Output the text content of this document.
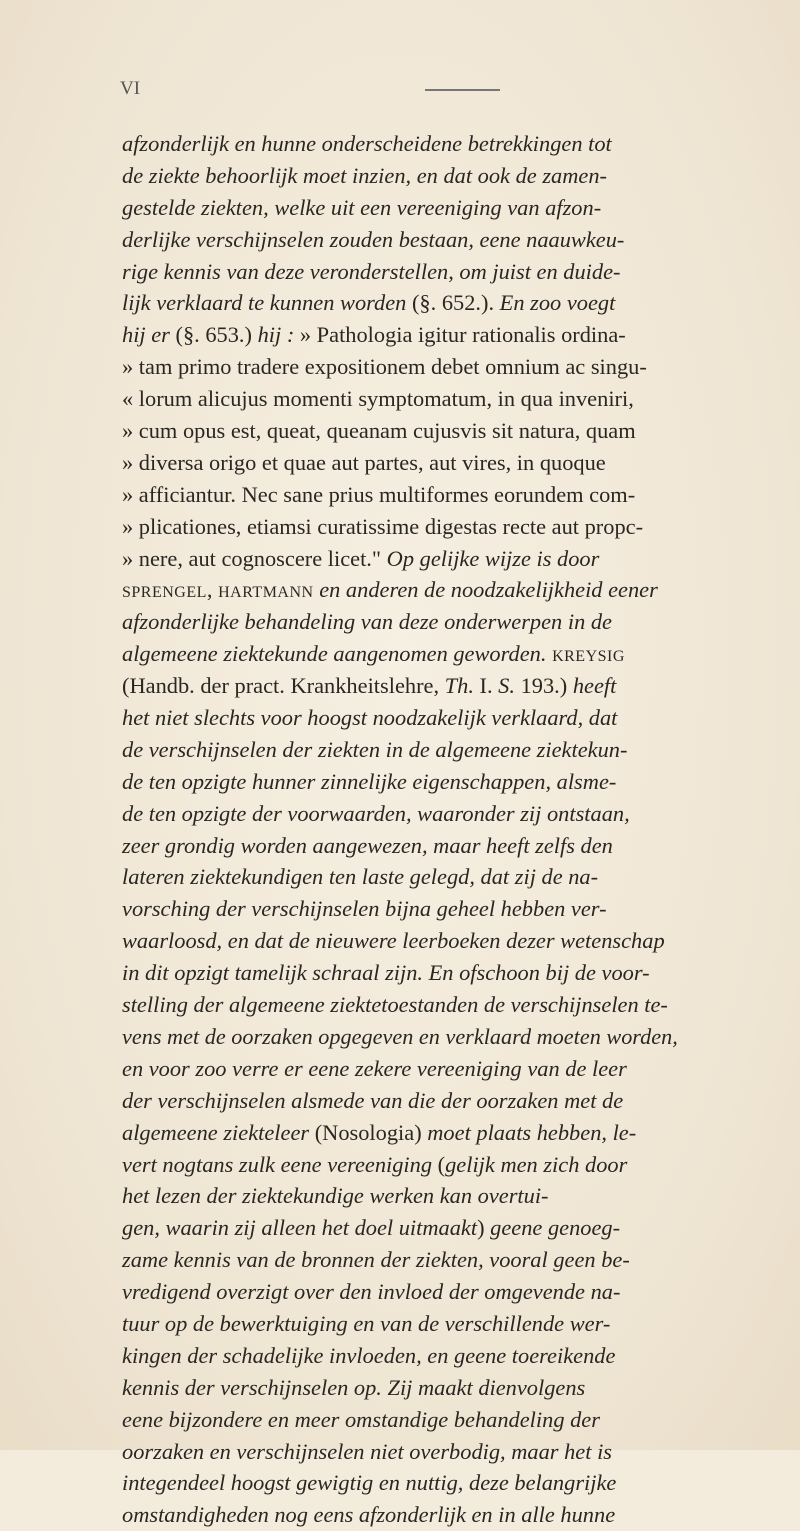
VI
afzonderlijk en hunne onderscheidene betrekkingen tot
de ziekte behoorlijk moet inzien, en dat ook de zamen-
gestelde ziekten, welke uit een vereeniging van afzon-
derlijke verschijnselen zouden bestaan, eene naauwkeu-
rige kennis van deze veronderstellen, om juist en duide-
lijk verklaard te kunnen worden (§. 652.). En zoo voegt
hij er (§. 653.) hij : » Pathologia igitur rationalis ordina-
» tam primo tradere expositionem debet omnium ac singu-
« lorum alicujus momenti symptomatum, in qua inveniri,
» cum opus est, queat, queanam cujusvis sit natura, quam
» diversa origo et quae aut partes, aut vires, in quoque
» afficiantur. Nec sane prius multiformes eorundem com-
» plicationes, etiamsi curatissime digestas recte aut propc-
» nere, aut cognoscere licet." Op gelijke wijze is door
SPRENGEL, HARTMANN en anderen de noodzakelijkheid eener
afzonderlijke behandeling van deze onderwerpen in de
algemeene ziektekunde aangenomen geworden. KREYSIG
(Handb. der pract. Krankheitslehre, Th. I. S. 193.) heeft
het niet slechts voor hoogst noodzakelijk verklaard, dat
de verschijnselen der ziekten in de algemeene ziektekun-
de ten opzigte hunner zinnelijke eigenschappen, alsme-
de ten opzigte der voorwaarden, waaronder zij ontstaan,
zeer grondig worden aangewezen, maar heeft zelfs den
lateren ziektekundigen ten laste gelegd, dat zij de na-
vorsching der verschijnselen bijna geheel hebben ver-
waarloosd, en dat de nieuwere leerboeken dezer wetenschap
in dit opzigt tamelijk schraal zijn. En ofschoon bij de voor-
stelling der algemeene ziektetoestanden de verschijnselen te-
vens met de oorzaken opgegeven en verklaard moeten worden,
en voor zoo verre er eene zekere vereeniging van de leer
der verschijnselen alsmede van die der oorzaken met de
algemeene ziekteleer (Nosologia) moet plaats hebben, le-
vert nogtans zulk eene vereeniging (gelijk men zich door
het lezen der ziektekundige werken kan overtui-
gen, waarin zij alleen het doel uitmaakt) geene genoeg-
zame kennis van de bronnen der ziekten, vooral geen be-
vredigend overzigt over den invloed der omgevende na-
tuur op de bewerktuiging en van de verschillende wer-
kingen der schadelijke invloeden, en geene toereikende
kennis der verschijnselen op. Zij maakt dienvolgens
eene bijzondere en meer omstandige behandeling der
oorzaken en verschijnselen niet overbodig, maar het is
integendeel hoogst gewigtig en nuttig, deze belangrijke
omstandigheden nog eens afzonderlijk en in alle hunne
